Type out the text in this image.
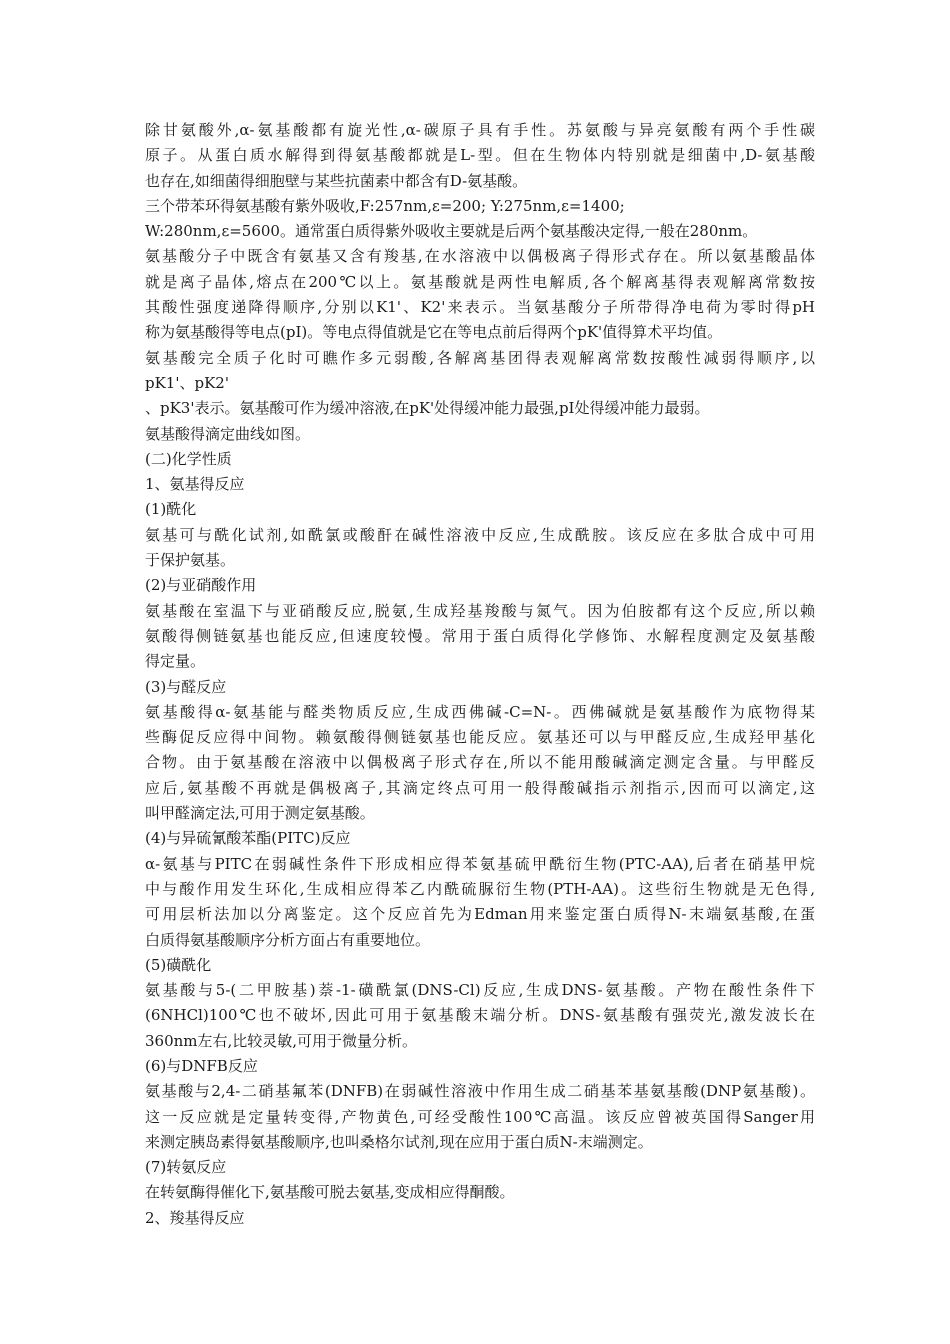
除甘氨酸外,α-氨基酸都有旋光性,α-碳原子具有手性。苏氨酸与异亮氨酸有两个手性碳
原子。从蛋白质水解得到得氨基酸都就是L-型。但在生物体内特别就是细菌中,D-氨基酸
也存在,如细菌得细胞壁与某些抗菌素中都含有D-氨基酸。
三个带苯环得氨基酸有紫外吸收,F:257nm,ε=200; Y:275nm,ε=1400;
W:280nm,ε=5600。通常蛋白质得紫外吸收主要就是后两个氨基酸决定得,一般在280nm。
氨基酸分子中既含有氨基又含有羧基,在水溶液中以偶极离子得形式存在。所以氨基酸晶体
就是离子晶体,熔点在200℃以上。氨基酸就是两性电解质,各个解离基得表观解离常数按
其酸性强度递降得顺序,分别以K1'、K2'来表示。当氨基酸分子所带得净电荷为零时得pH
称为氨基酸得等电点(pI)。等电点得值就是它在等电点前后得两个pK'值得算术平均值。
氨基酸完全质子化时可瞧作多元弱酸,各解离基团得表观解离常数按酸性减弱得顺序,以
pK1'、pK2'
、pK3'表示。氨基酸可作为缓冲溶液,在pK'处得缓冲能力最强,pI处得缓冲能力最弱。
氨基酸得滴定曲线如图。
(二)化学性质
1、氨基得反应
(1)酰化
氨基可与酰化试剂,如酰氯或酸酐在碱性溶液中反应,生成酰胺。该反应在多肽合成中可用
于保护氨基。
(2)与亚硝酸作用
氨基酸在室温下与亚硝酸反应,脱氨,生成羟基羧酸与氮气。因为伯胺都有这个反应,所以赖
氨酸得侧链氨基也能反应,但速度较慢。常用于蛋白质得化学修饰、水解程度测定及氨基酸
得定量。
(3)与醛反应
氨基酸得α-氨基能与醛类物质反应,生成西佛碱-C=N-。西佛碱就是氨基酸作为底物得某
些酶促反应得中间物。赖氨酸得侧链氨基也能反应。氨基还可以与甲醛反应,生成羟甲基化
合物。由于氨基酸在溶液中以偶极离子形式存在,所以不能用酸碱滴定测定含量。与甲醛反
应后,氨基酸不再就是偶极离子,其滴定终点可用一般得酸碱指示剂指示,因而可以滴定,这
叫甲醛滴定法,可用于测定氨基酸。
(4)与异硫氰酸苯酯(PITC)反应
α-氨基与PITC在弱碱性条件下形成相应得苯氨基硫甲酰衍生物(PTC-AA),后者在硝基甲烷
中与酸作用发生环化,生成相应得苯乙内酰硫脲衍生物(PTH-AA)。这些衍生物就是无色得,
可用层析法加以分离鉴定。这个反应首先为Edman用来鉴定蛋白质得N-末端氨基酸,在蛋
白质得氨基酸顺序分析方面占有重要地位。
(5)磺酰化
氨基酸与5-(二甲胺基)萘-1-磺酰氯(DNS-Cl)反应,生成DNS-氨基酸。产物在酸性条件下
(6NHCl)100℃也不破坏,因此可用于氨基酸末端分析。DNS-氨基酸有强荧光,激发波长在
360nm左右,比较灵敏,可用于微量分析。
(6)与DNFB反应
氨基酸与2,4-二硝基氟苯(DNFB)在弱碱性溶液中作用生成二硝基苯基氨基酸(DNP氨基酸)。
这一反应就是定量转变得,产物黄色,可经受酸性100℃高温。该反应曾被英国得Sanger用
来测定胰岛素得氨基酸顺序,也叫桑格尔试剂,现在应用于蛋白质N-末端测定。
(7)转氨反应
在转氨酶得催化下,氨基酸可脱去氨基,变成相应得酮酸。
2、羧基得反应
